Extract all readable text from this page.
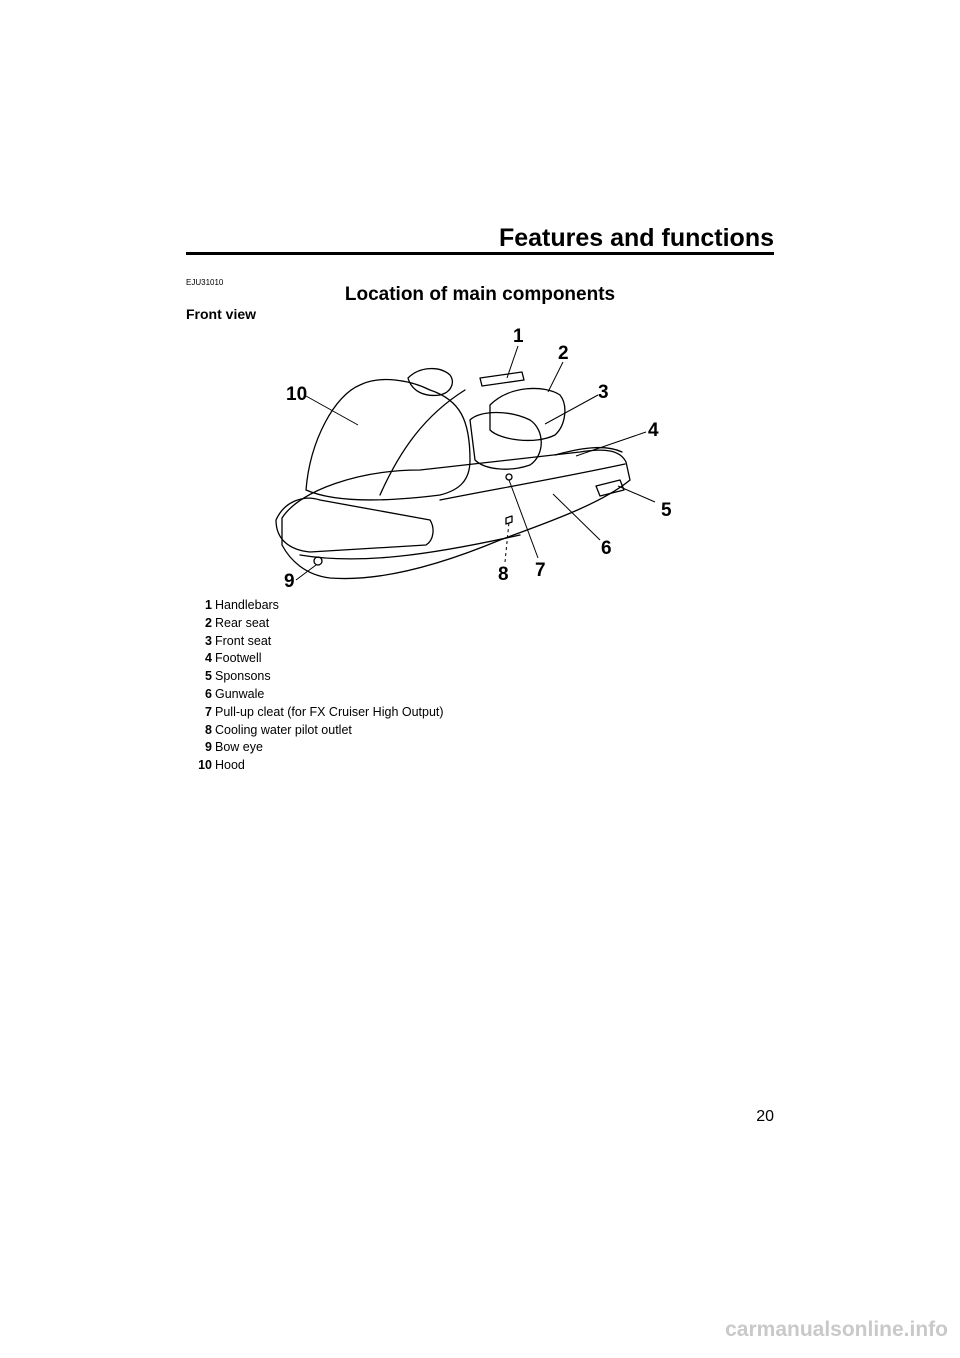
Features and functions
EJU31010
Location of main components
Front view
1
2
3
4
5
6
7
8
9
10
1 Handlebars
2 Rear seat
3 Front seat
4 Footwell
5 Sponsons
6 Gunwale
7 Pull-up cleat (for FX Cruiser High Output)
8 Cooling water pilot outlet
9 Bow eye
10 Hood
20
carmanualsonline.info
